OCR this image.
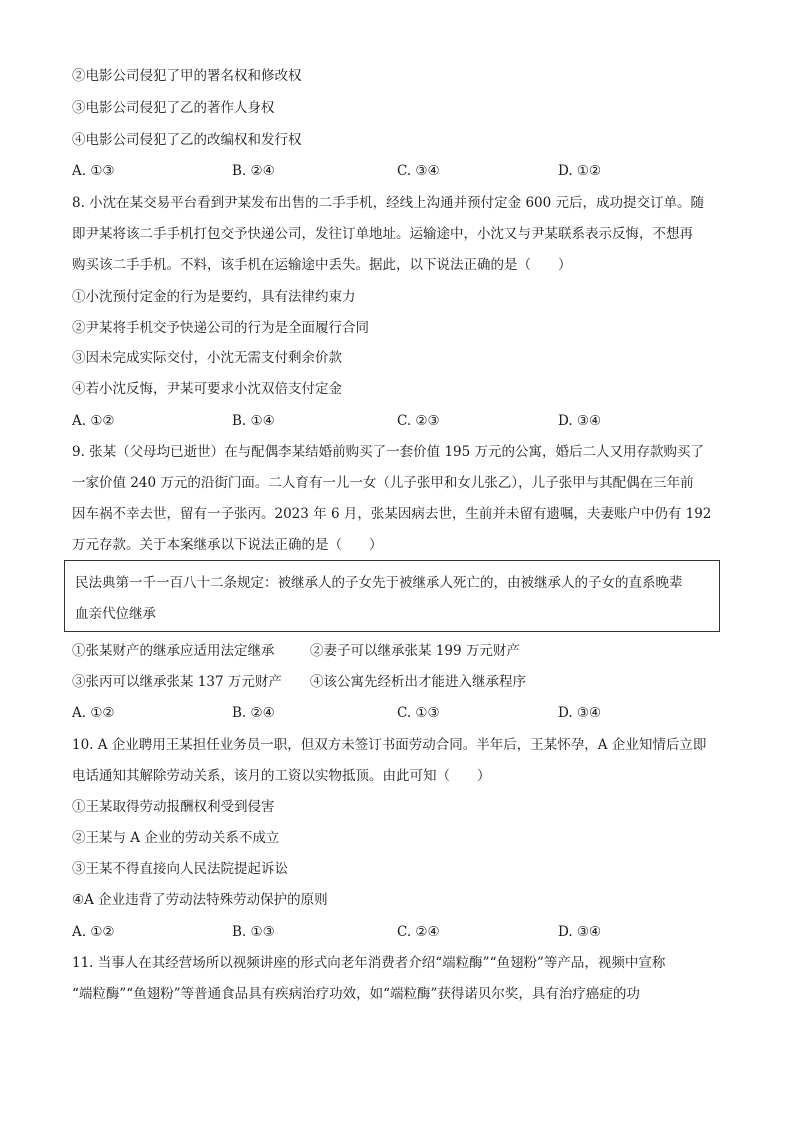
②电影公司侵犯了甲的署名权和修改权
③电影公司侵犯了乙的著作人身权
④电影公司侵犯了乙的改编权和发行权
A. ①③	B. ②④	C. ③④	D. ①②
8. 小沈在某交易平台看到尹某发布出售的二手手机，经线上沟通并预付定金 600 元后，成功提交订单。随
即尹某将该二手手机打包交予快递公司，发往订单地址。运输途中，小沈又与尹某联系表示反悔，不想再
购买该二手手机。不料，该手机在运输途中丢失。据此，以下说法正确的是（　　）
①小沈预付定金的行为是要约，具有法律约束力
②尹某将手机交予快递公司的行为是全面履行合同
③因未完成实际交付，小沈无需支付剩余价款
④若小沈反悔，尹某可要求小沈双倍支付定金
A. ①②	B. ①④	C. ②③	D. ③④
9. 张某（父母均已逝世）在与配偶李某结婚前购买了一套价值 195 万元的公寓，婚后二人又用存款购买了
一家价值 240 万元的沿街门面。二人育有一儿一女（儿子张甲和女儿张乙），儿子张甲与其配偶在三年前
因车祸不幸去世，留有一子张丙。2023 年 6 月，张某因病去世，生前并未留有遗嘱，夫妻账户中仍有 192
万元存款。关于本案继承以下说法正确的是（　　）
民法典第一千一百八十二条规定：被继承人的子女先于被继承人死亡的，由被继承人的子女的直系晚辈
血亲代位继承
①张某财产的继承应适用法定继承	②妻子可以继承张某 199 万元财产
③张丙可以继承张某 137 万元财产 ④该公寓先经析出才能进入继承程序
A. ①②	B. ②④	C. ①③	D. ③④
10. A 企业聘用王某担任业务员一职，但双方未签订书面劳动合同。半年后，王某怀孕，A 企业知情后立即
电话通知其解除劳动关系，该月的工资以实物抵顶。由此可知（　　）
①王某取得劳动报酬权利受到侵害
②王某与 A 企业的劳动关系不成立
③王某不得直接向人民法院提起诉讼
④A 企业违背了劳动法特殊劳动保护的原则
A. ①②	B. ①③	C. ②④	D. ③④
11. 当事人在其经营场所以视频讲座的形式向老年消费者介绍“端粒酶”“鱼翅粉”等产品，视频中宣称
“端粒酶”“鱼翅粉”等普通食品具有疾病治疗功效，如“端粒酶”获得诺贝尔奖，具有治疗癌症的功
